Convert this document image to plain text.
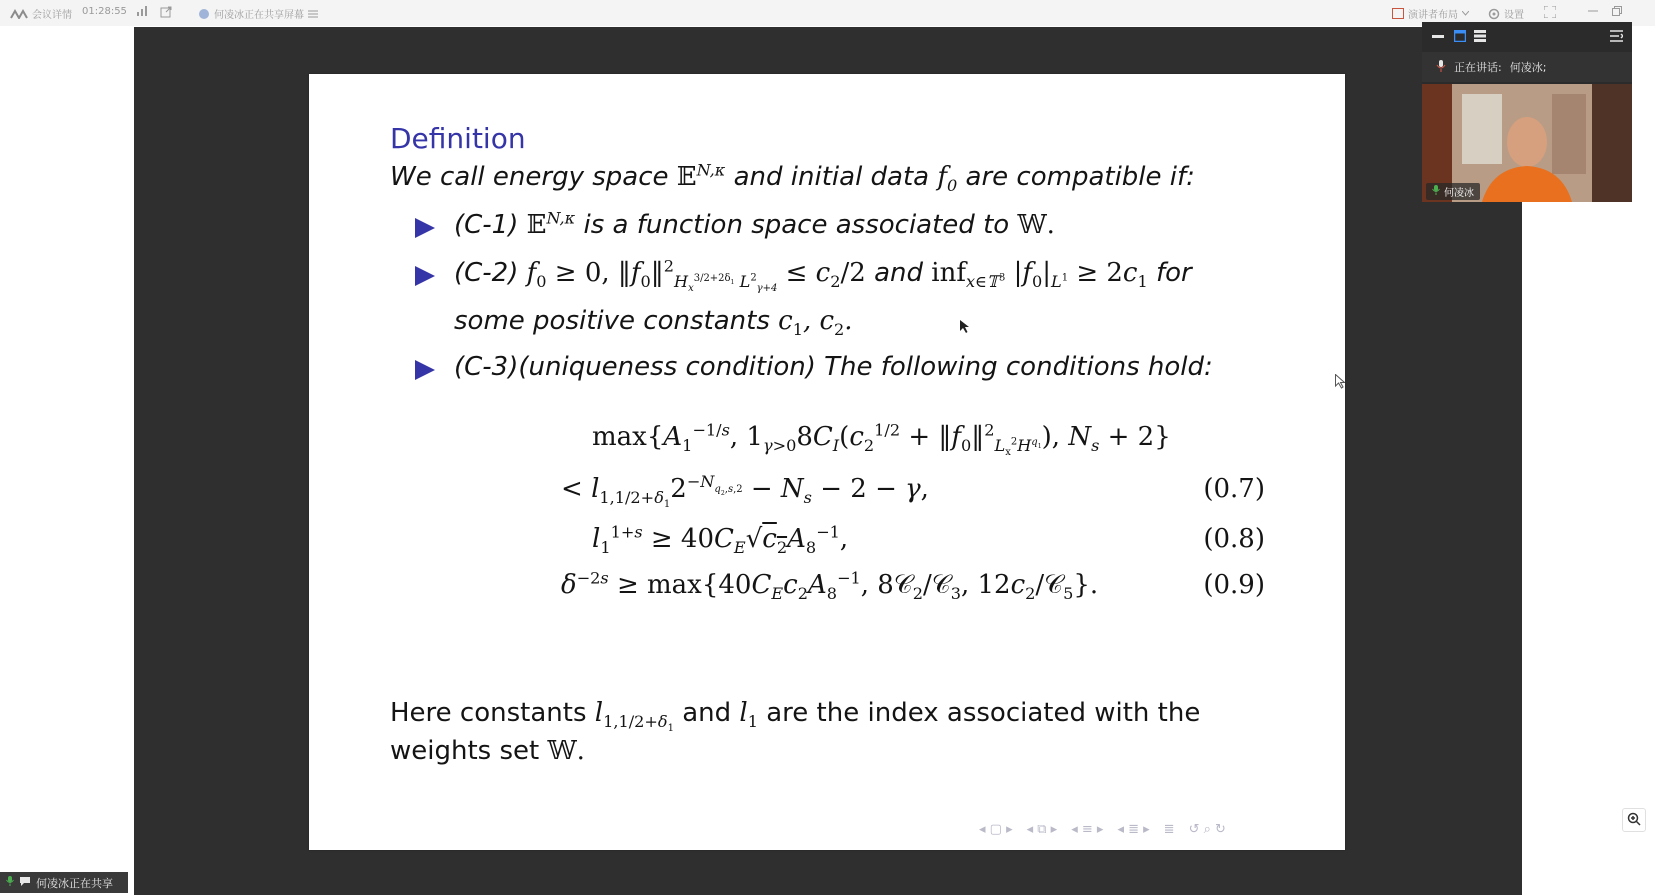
会议详情 01:28:55	何凌冰正在共享屏幕	演讲者布局	设置
Definition
We call energy space 𝔼$^{N,\kappa}$ and initial data $f_0$ are compatible if:
(C-1) 𝔼$^{N,\kappa}$ is a function space associated to 𝕎.
(C-2) $f_0 \ge 0$, $‖f_0‖^2_{H_x^{3/2+2\delta_1} L^2_{\gamma+4}} \le c_2/2$ and inf$_{x\in 𝕋^3}$ $|f_0|_{L^1} \ge 2c_1$ for
some positive constants $c_1$, $c_2$.
(C-3)(uniqueness condition) The following conditions hold:
$\max\{A_1^{-1/s}$, $1_{\gamma>0}8C_I(c_2^{1/2}$ + $‖f_0‖^2_{L_x^2H^{q_1}}$), $N_s + 2$}
< $l_{1,1/2+\delta_1}2^{-N_{q_2,s,2}} - N_s - 2 - \gamma$,	(0.7)
$l_1^{1+s} \ge 40C_E√c_2A_8^{-1}$,	(0.8)
$\delta^{-2s} \ge \max\{40C_Ec_2A_8^{-1}$, 8𝒞$_2$/𝒞$_3$, $12c_2/𝒞_5$}.	(0.9)
Here constants $l_{1,1/2+\delta_1}$ and $l_1$ are the index associated with the
weights set 𝕎.
◂ ▢ ▸ ◂ ⧉ ▸ ◂ ≡ ▸ ◂ ≣ ▸ ≣ ↺ ⌕ ↻
正在讲话: 何凌冰;
何凌冰
何凌冰正在共享
